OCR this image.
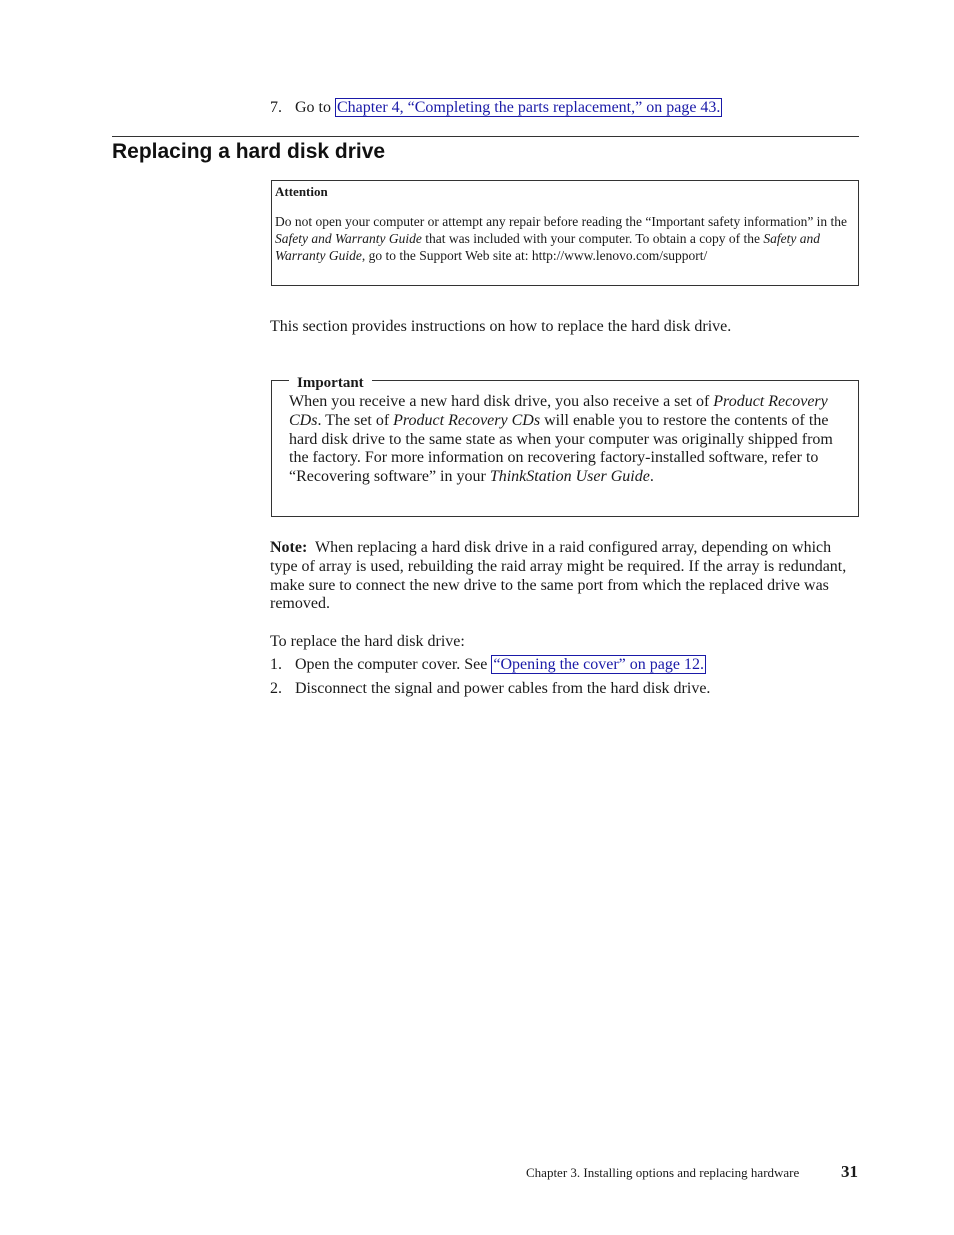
7. Go to Chapter 4, “Completing the parts replacement,” on page 43.
Replacing a hard disk drive
Attention
Do not open your computer or attempt any repair before reading the “Important safety information” in the Safety and Warranty Guide that was included with your computer. To obtain a copy of the Safety and Warranty Guide, go to the Support Web site at: http://www.lenovo.com/support/
This section provides instructions on how to replace the hard disk drive.
Important
When you receive a new hard disk drive, you also receive a set of Product Recovery CDs. The set of Product Recovery CDs will enable you to restore the contents of the hard disk drive to the same state as when your computer was originally shipped from the factory. For more information on recovering factory-installed software, refer to “Recovering software” in your ThinkStation User Guide.
Note: When replacing a hard disk drive in a raid configured array, depending on which type of array is used, rebuilding the raid array might be required. If the array is redundant, make sure to connect the new drive to the same port from which the replaced drive was removed.
To replace the hard disk drive:
1. Open the computer cover. See “Opening the cover” on page 12.
2. Disconnect the signal and power cables from the hard disk drive.
Chapter 3. Installing options and replacing hardware 31
